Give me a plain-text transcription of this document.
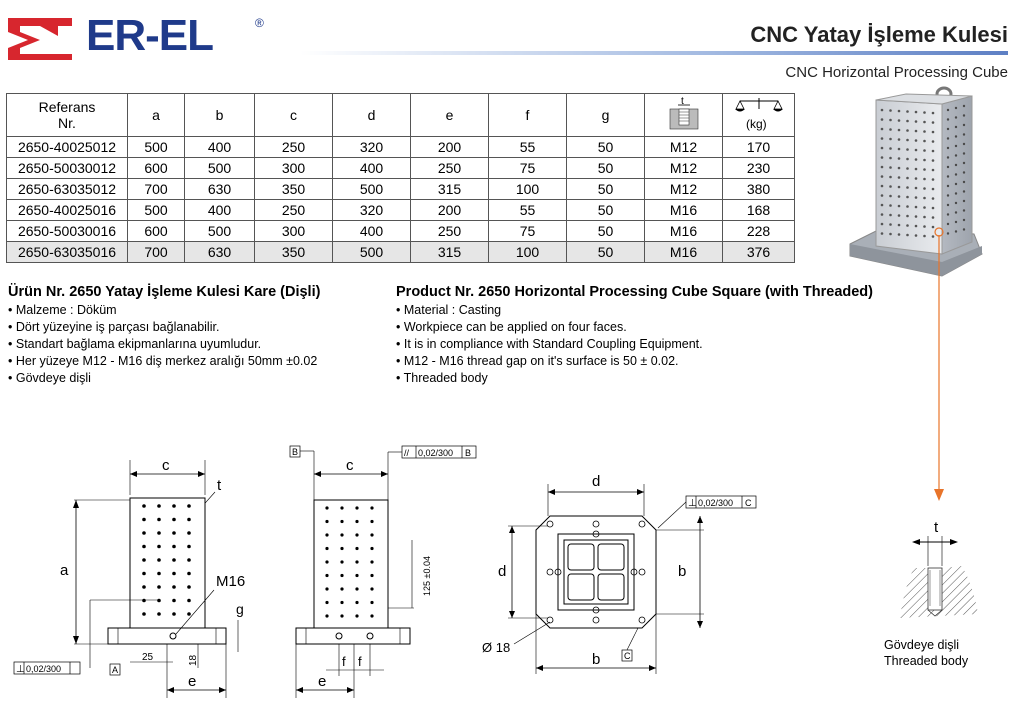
ER-EL	®	CNC Yatay İşleme Kulesi
CNC Horizontal Processing Cube
Referans
Nr.	a	b	c	d	e	f	g	t	(kg)

2650-40025012	500	400	250	320	200	55	50	M12	170
2650-50030012	600	500	300	400	250	75	50	M12	230
2650-63035012	700	630	350	500	315	100	50	M12	380
2650-40025016	500	400	250	320	200	55	50	M16	168
2650-50030016	600	500	300	400	250	75	50	M16	228
2650-63035016	700	630	350	500	315	100	50	M16	376
Ürün Nr. 2650 Yatay İşleme Kulesi Kare (Dişli)
• Malzeme : Döküm
• Dört yüzeyine iş parçası bağlanabilir.
• Standart bağlama ekipmanlarına uyumludur.
• Her yüzeye M12 - M16 diş merkez aralığı 50mm ±0.02
• Gövdeye dişli
Product Nr. 2650 Horizontal Processing Cube Square (with Threaded)
• Material : Casting
• Workpiece can be applied on four faces.
• It is in compliance with Standard Coupling Equipment.
• M12 - M16 thread gap on it's surface is 50 ± 0.02.
• Threaded body
t
Gövdeye dişli
Threaded body
c
t
a
M16
g
25	18
e
⊥ 0,02/300	A
B	// 0,02/300 B
c
125 ±0.04
e
f f
d
⊥ 0,02/300 C
d	b
b
Ø 18
C
